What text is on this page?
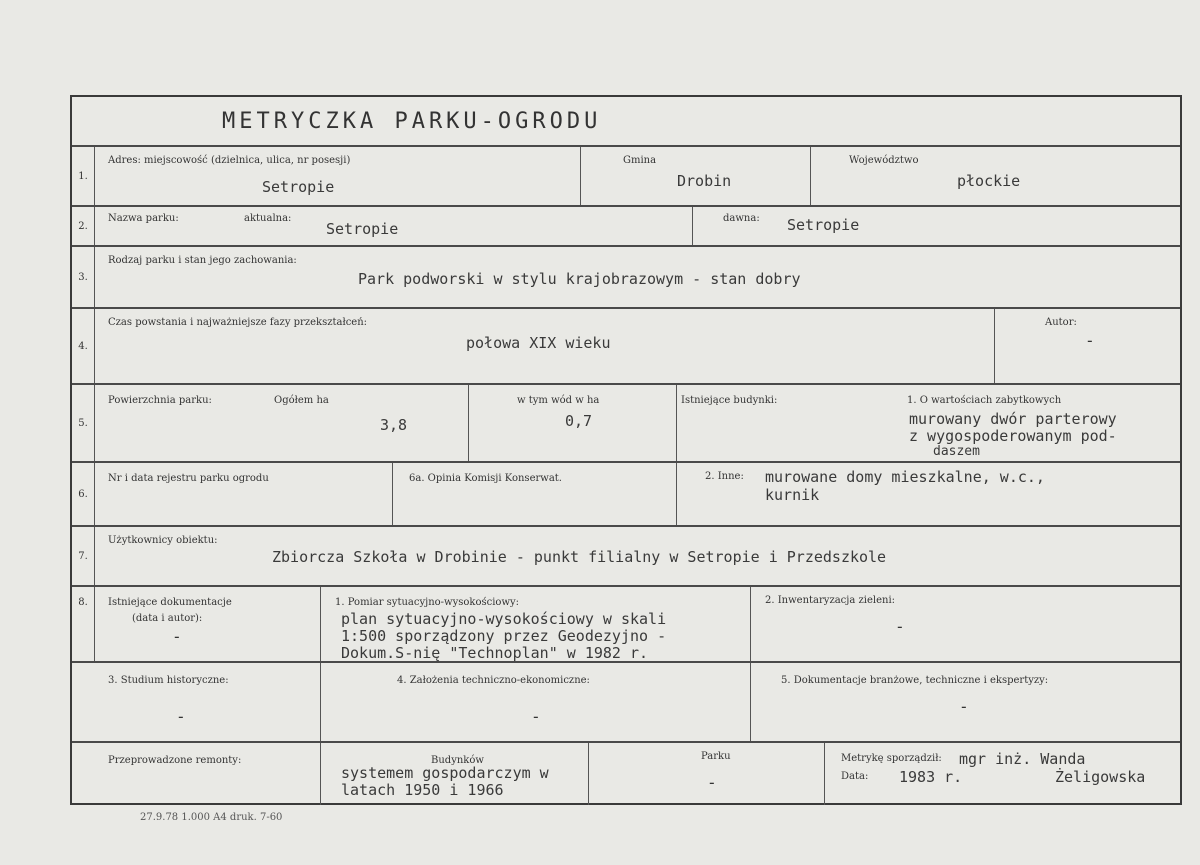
METRYCZKA PARKU-OGRODU
1.
Adres: miejscowość (dzielnica, ulica, nr posesji)
Setropie
Gmina
Drobin
Województwo
płockie
2.
Nazwa parku:	aktualna:
Setropie
dawna: Setropie
3.
Rodzaj parku i stan jego zachowania:
Park podworski w stylu krajobrazowym - stan dobry
4.
Czas powstania i najważniejsze fazy przekształceń:
połowa XIX wieku
Autor:
-
5.
Powierzchnia parku:	Ogółem ha
3,8
w tym wód w ha
0,7
Istniejące budynki:	1. O wartościach zabytkowych
murowany dwór parterowy
z wygospoderowanym pod-
daszem
6.
Nr i data rejestru parku ogrodu	6a. Opinia Komisji Konserwat.	2. Inne: murowane domy mieszkalne, w.c.,
kurnik
7.
Użytkownicy obiektu:
Zbiorcza Szkoła w Drobinie - punkt filialny w Setropie i Przedszkole
8.	Istniejące dokumentacje
(data i autor):
-
1. Pomiar sytuacyjno-wysokościowy:
plan sytuacyjno-wysokościowy w skali
1:500 sporządzony przez Geodezyjno -
Dokum.S-nię "Technoplan" w 1982 r.
2. Inwentaryzacja zieleni:
-
3. Studium historyczne:
-
4. Założenia techniczno-ekonomiczne:
-
5. Dokumentacje branżowe, techniczne i ekspertyzy:
-
Przeprowadzone remonty:	Budynków
systemem gospodarczym w
latach 1950 i 1966
Parku
-
Metrykę sporządził: mgr inż. Wanda
Żeligowska
Data: 1983 r.
27.9.78 1.000 A4 druk. 7-60
